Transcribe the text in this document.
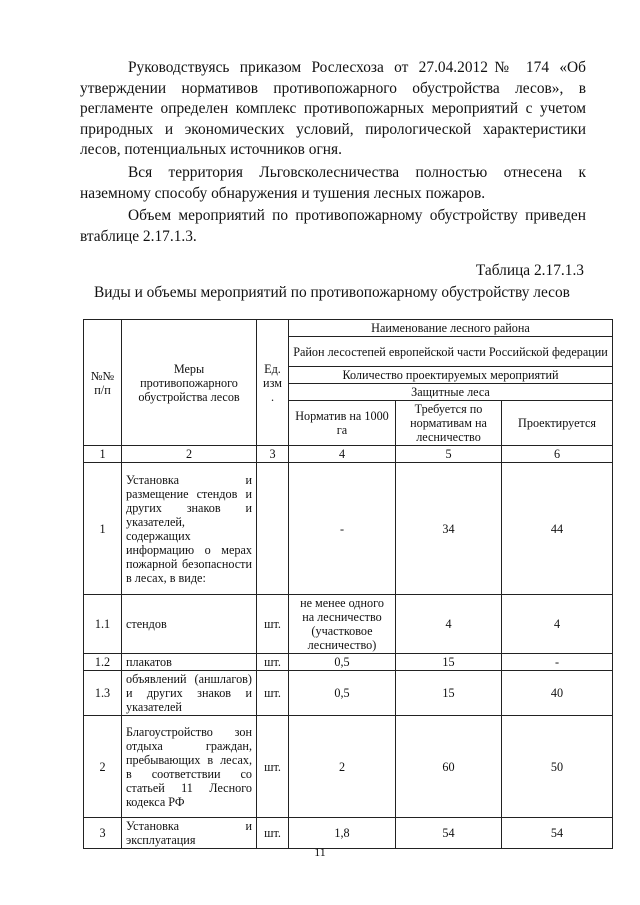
Руководствуясь приказом Рослесхоза от 27.04.2012№ 174 «Об утверждении нормативов противопожарного обустройства лесов», в регламенте определен комплекс противопожарных мероприятий с учетом природных и экономических условий, пирологической характеристики лесов, потенциальных источников огня.

Вся территория Льговсколесничества полностью отнесена к наземному способу обнаружения и тушения лесных пожаров.

Объем мероприятий по противопожарному обустройству приведен втаблице 2.17.1.3.

Таблица 2.17.1.3
Виды и объемы мероприятий по противопожарному обустройству лесов
№№ п/п	Меры противопожарного обустройства лесов	Ед. изм .	Наименование лесного района		
			Район лесостепей европейской части Российской федерации		
			Количество проектируемых мероприятий		
			Защитные леса		
			Норматив на 1000 га	Требуется по нормативам на лесничество	Проектируется
1	2	3	4	5	6
1	Установка и размещение стендов и других знаков и указателей, содержащих информацию о мерах пожарной безопасности в лесах, в виде:		-	34	44
1.1	стендов	шт.	не менее одного на лесничество (участковое лесничество)	4	4
1.2	плакатов	шт.	0,5	15	-
1.3	объявлений (аншлагов) и других знаков и указателей	шт.	0,5	15	40
2	Благоустройство зон отдыха граждан, пребывающих в лесах, в соответствии со статьей 11 Лесного кодекса РФ	шт.	2	60	50
3	Установка и эксплуатация	шт.	1,8	54	54
11
